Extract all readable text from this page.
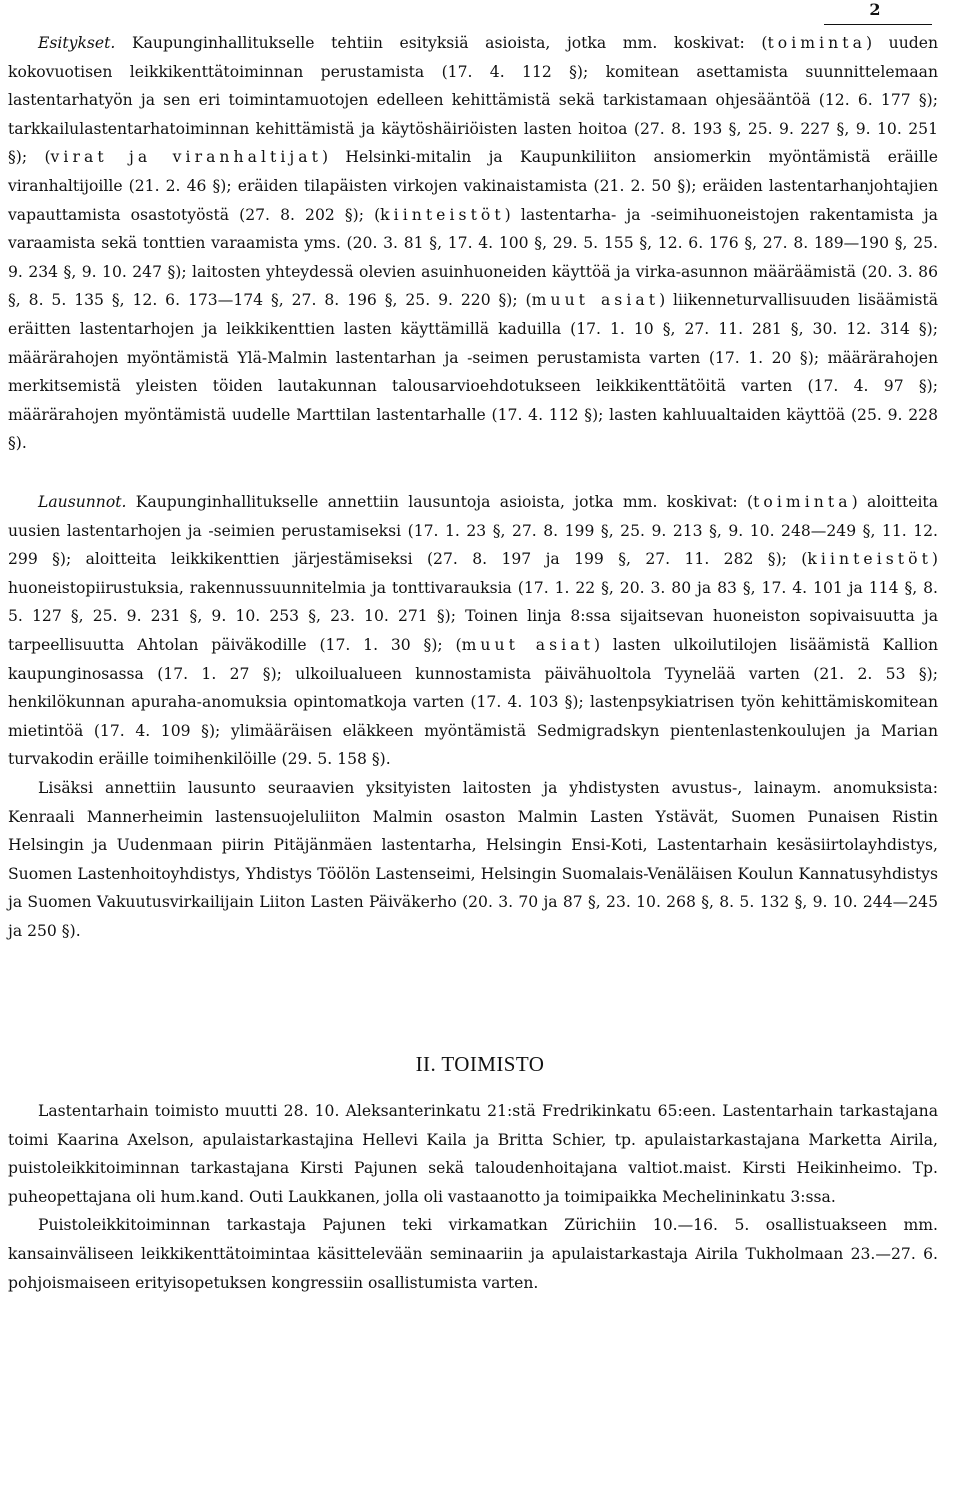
2

Esitykset. Kaupunginhallitukselle tehtiin esityksiä asioista, jotka mm. koskivat: (toiminta) uuden kokovuotisen leikkikenttätoiminnan perustamista (17. 4. 112 §); komitean asettamista suunnittelemaan lastentarhatyön ja sen eri toimintamuotojen edelleen kehittämistä sekä tarkistamaan ohjesääntöä (12. 6. 177 §); tarkkailulastentarhatoiminnan kehittämistä ja käytöshäiriöisten lasten hoitoa (27. 8. 193 §, 25. 9. 227 §, 9. 10. 251 §); (virat ja viranhaltijat) Helsinki-mitalin ja Kaupunkiliiton ansiomerkin myöntämistä eräille viranhaltijoille (21. 2. 46 §); eräiden tilapäisten virkojen vakinaistamista (21. 2. 50 §); eräiden lastentarhanjohtajien vapauttamista osastotyöstä (27. 8. 202 §); (kiinteistöt) lastentarha- ja -seimihuoneistojen rakentamista ja varaamista sekä tonttien varaamista yms. (20. 3. 81 §, 17. 4. 100 §, 29. 5. 155 §, 12. 6. 176 §, 27. 8. 189—190 §, 25. 9. 234 §, 9. 10. 247 §); laitosten yhteydessä olevien asuinhuoneiden käyttöä ja virka-asunnon määräämistä (20. 3. 86 §, 8. 5. 135 §, 12. 6. 173—174 §, 27. 8. 196 §, 25. 9. 220 §); (muut asiat) liikenneturvallisuuden lisäämistä eräitten lastentarhojen ja leikkikenttien lasten käyttämillä kaduilla (17. 1. 10 §, 27. 11. 281 §, 30. 12. 314 §); määrärahojen myöntämistä Ylä-Malmin lastentarhan ja -seimen perustamista varten (17. 1. 20 §); määrärahojen merkitsemistä yleisten töiden lautakunnan talousarvioehdotukseen leikkikenttätöitä varten (17. 4. 97 §); määrärahojen myöntämistä uudelle Marttilan lastentarhalle (17. 4. 112 §); lasten kahluualtaiden käyttöä (25. 9. 228 §).

Lausunnot. Kaupunginhallitukselle annettiin lausuntoja asioista, jotka mm. koskivat: (toiminta) aloitteita uusien lastentarhojen ja -seimien perustamiseksi (17. 1. 23 §, 27. 8. 199 §, 25. 9. 213 §, 9. 10. 248—249 §, 11. 12. 299 §); aloitteita leikkikenttien järjestämiseksi (27. 8. 197 ja 199 §, 27. 11. 282 §); (kiinteistöt) huoneistopiirustuksia, rakennussuunnitelmia ja tonttivarauksia (17. 1. 22 §, 20. 3. 80 ja 83 §, 17. 4. 101 ja 114 §, 8. 5. 127 §, 25. 9. 231 §, 9. 10. 253 §, 23. 10. 271 §); Toinen linja 8:ssa sijaitsevan huoneiston sopivaisuutta ja tarpeellisuutta Ahtolan päiväkodille (17. 1. 30 §); (muut asiat) lasten ulkoilutilojen lisäämistä Kallion kaupunginosassa (17. 1. 27 §); ulkoilualueen kunnostamista päivähuoltola Tyynelää varten (21. 2. 53 §); henkilökunnan apuraha-anomuksia opintomatkoja varten (17. 4. 103 §); lastenpsykiatrisen työn kehittämiskomitean mietintöä (17. 4. 109 §); ylimääräisen eläkkeen myöntämistä Sedmigradskyn pientenlastenkoulujen ja Marian turvakodin eräille toimihenkilöille (29. 5. 158 §).

Lisäksi annettiin lausunto seuraavien yksityisten laitosten ja yhdistysten avustus-, lainaym. anomuksista: Kenraali Mannerheimin lastensuojeluliiton Malmin osaston Malmin Lasten Ystävät, Suomen Punaisen Ristin Helsingin ja Uudenmaan piirin Pitäjänmäen lastentarha, Helsingin Ensi-Koti, Lastentarhain kesäsiirtolayhdistys, Suomen Lastenhoitoyhdistys, Yhdistys Töölön Lastenseimi, Helsingin Suomalais-Venäläisen Koulun Kannatusyhdistys ja Suomen Vakuutusvirkailijain Liiton Lasten Päiväkerho (20. 3. 70 ja 87 §, 23. 10. 268 §, 8. 5. 132 §, 9. 10. 244—245 ja 250 §).

II. TOIMISTO

Lastentarhain toimisto muutti 28. 10. Aleksanterinkatu 21:stä Fredrikinkatu 65:een. Lastentarhain tarkastajana toimi Kaarina Axelson, apulaistarkastajina Hellevi Kaila ja Britta Schier, tp. apulaistarkastajana Marketta Airila, puistoleikkitoiminnan tarkastajana Kirsti Pajunen sekä taloudenhoitajana valtiot.maist. Kirsti Heikinheimo. Tp. puheopettajana oli hum.kand. Outi Laukkanen, jolla oli vastaanotto ja toimipaikka Mechelininkatu 3:ssa.

Puistoleikkitoiminnan tarkastaja Pajunen teki virkamatkan Zürichiin 10.—16. 5. osallistuakseen mm. kansainväliseen leikkikenttätoimintaa käsittelevään seminaariin ja apulaistarkastaja Airila Tukholmaan 23.—27. 6. pohjoismaiseen erityisopetuksen kongressiin osallistumista varten.
